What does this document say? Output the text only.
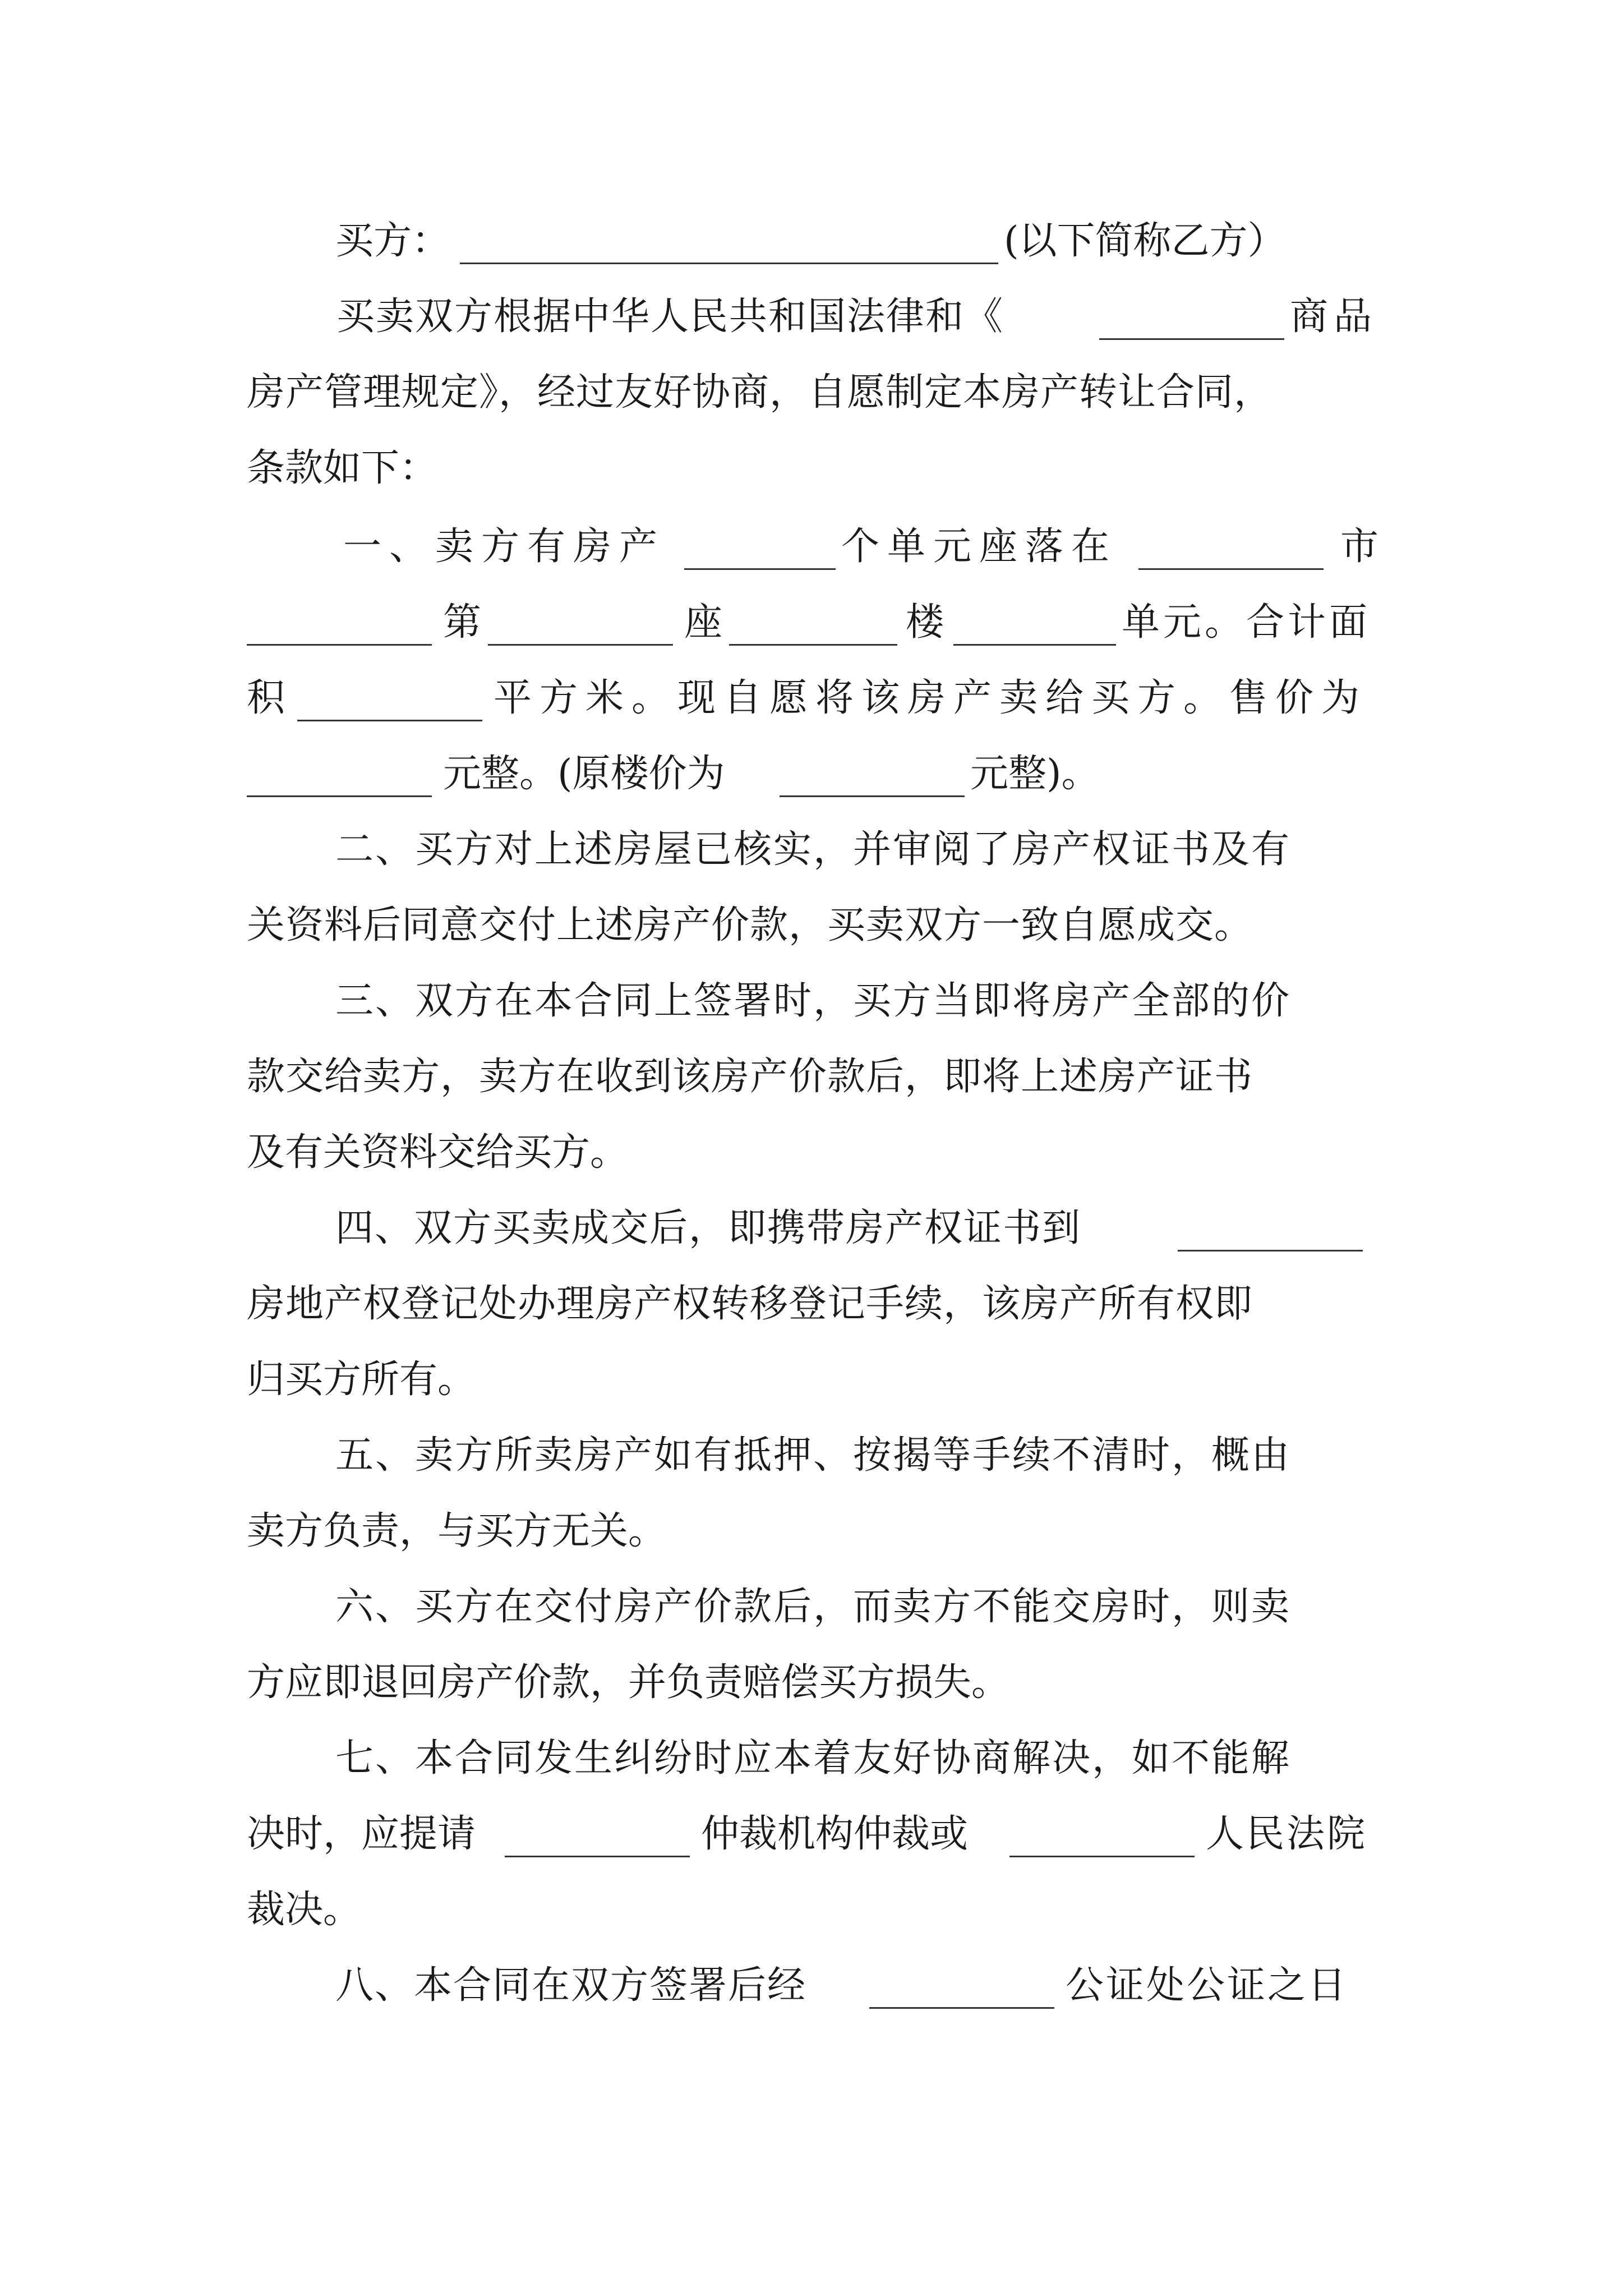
买方：	(以下简称乙方）
买卖双方根据中华人民共和国法律和《	商品
房产管理规定》，经过友好协商，自愿制定本房产转让合同，
条款如下：
一、卖方有房产	个单元座落在	市
第	座	楼	单元。合计面
积	平方米。现自愿将该房产卖给买方。售价为
元整。(原楼价为	元整)。
二、买方对上述房屋已核实，并审阅了房产权证书及有
关资料后同意交付上述房产价款，买卖双方一致自愿成交。
三、双方在本合同上签署时，买方当即将房产全部的价
款交给卖方，卖方在收到该房产价款后，即将上述房产证书
及有关资料交给买方。
四、双方买卖成交后，即携带房产权证书到
房地产权登记处办理房产权转移登记手续，该房产所有权即
归买方所有。
五、卖方所卖房产如有抵押、按揭等手续不清时，概由
卖方负责，与买方无关。
六、买方在交付房产价款后，而卖方不能交房时，则卖
方应即退回房产价款，并负责赔偿买方损失。
七、本合同发生纠纷时应本着友好协商解决，如不能解
决时，应提请	仲裁机构仲裁或	人民法院
裁决。
八、本合同在双方签署后经	公证处公证之日
